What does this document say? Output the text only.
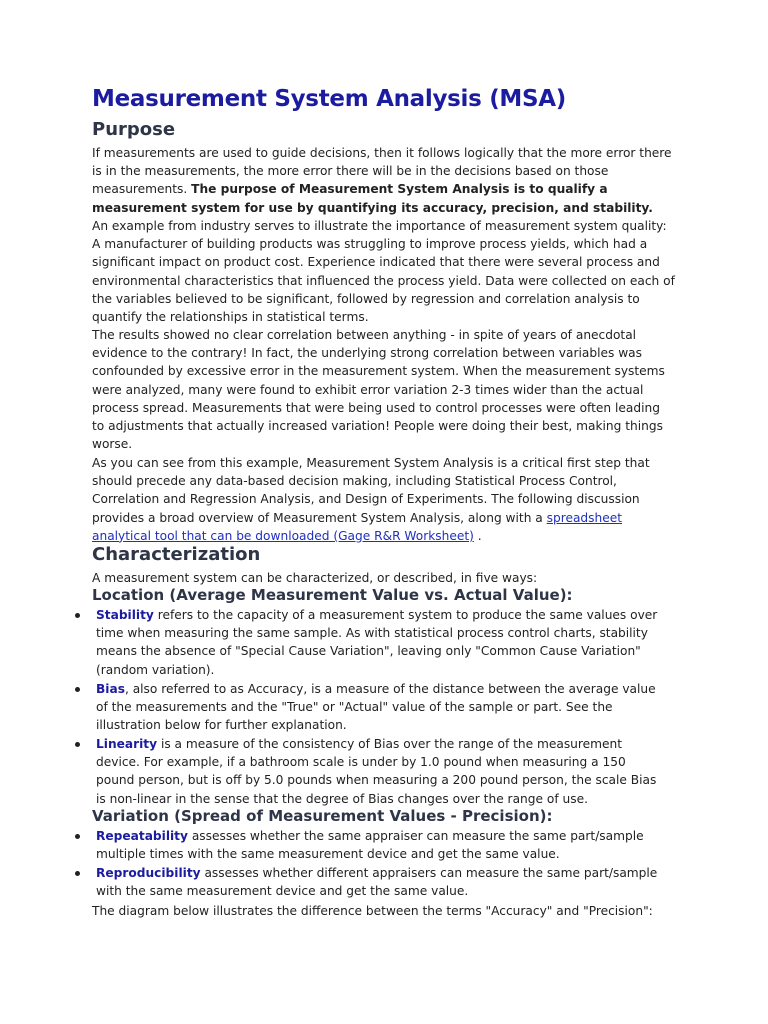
Measurement System Analysis (MSA)
Purpose
If measurements are used to guide decisions, then it follows logically that the more error there
is in the measurements, the more error there will be in the decisions based on those
measurements. The purpose of Measurement System Analysis is to qualify a
measurement system for use by quantifying its accuracy, precision, and stability.
An example from industry serves to illustrate the importance of measurement system quality:
A manufacturer of building products was struggling to improve process yields, which had a
significant impact on product cost. Experience indicated that there were several process and
environmental characteristics that influenced the process yield. Data were collected on each of
the variables believed to be significant, followed by regression and correlation analysis to
quantify the relationships in statistical terms.
The results showed no clear correlation between anything - in spite of years of anecdotal
evidence to the contrary! In fact, the underlying strong correlation between variables was
confounded by excessive error in the measurement system. When the measurement systems
were analyzed, many were found to exhibit error variation 2-3 times wider than the actual
process spread. Measurements that were being used to control processes were often leading
to adjustments that actually increased variation! People were doing their best, making things
worse.
As you can see from this example, Measurement System Analysis is a critical first step that
should precede any data-based decision making, including Statistical Process Control,
Correlation and Regression Analysis, and Design of Experiments. The following discussion
provides a broad overview of Measurement System Analysis, along with a spreadsheet
analytical tool that can be downloaded (Gage R&R Worksheet) .
Characterization
A measurement system can be characterized, or described, in five ways:
Location (Average Measurement Value vs. Actual Value):
Stability refers to the capacity of a measurement system to produce the same values over
time when measuring the same sample. As with statistical process control charts, stability
means the absence of "Special Cause Variation", leaving only "Common Cause Variation"
(random variation).
Bias, also referred to as Accuracy, is a measure of the distance between the average value
of the measurements and the "True" or "Actual" value of the sample or part. See the
illustration below for further explanation.
Linearity is a measure of the consistency of Bias over the range of the measurement
device. For example, if a bathroom scale is under by 1.0 pound when measuring a 150
pound person, but is off by 5.0 pounds when measuring a 200 pound person, the scale Bias
is non-linear in the sense that the degree of Bias changes over the range of use.
Variation (Spread of Measurement Values - Precision):
Repeatability assesses whether the same appraiser can measure the same part/sample
multiple times with the same measurement device and get the same value.
Reproducibility assesses whether different appraisers can measure the same part/sample
with the same measurement device and get the same value.
The diagram below illustrates the difference between the terms "Accuracy" and "Precision":
